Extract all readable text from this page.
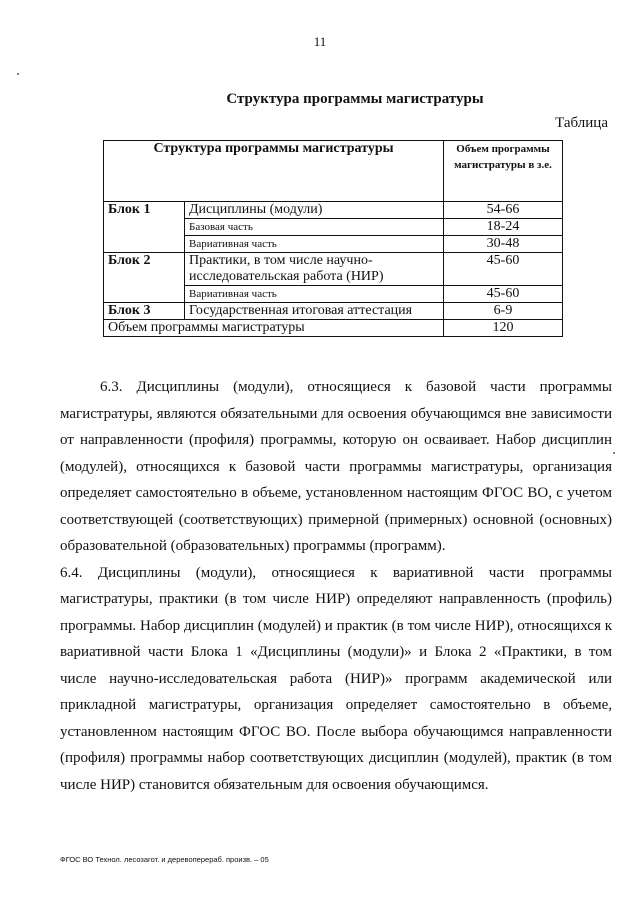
11
Структура программы магистратуры
Таблица
Структура программы магистратуры		Объем программы магистратуры в з.е.
Блок 1	Дисциплины (модули)	54-66
	Базовая часть	18-24
	Вариативная часть	30-48
Блок 2	Практики, в том числе научно-исследовательская работа (НИР)	45-60
	Вариативная часть	45-60
Блок 3	Государственная итоговая аттестация	6-9
Объем программы магистратуры		120

6.3. Дисциплины (модули), относящиеся к базовой части программы магистратуры, являются обязательными для освоения обучающимся вне зависимости от направленности (профиля) программы, которую он осваивает. Набор дисциплин (модулей), относящихся к базовой части программы магистратуры, организация определяет самостоятельно в объеме, установленном настоящим ФГОС ВО, с учетом соответствующей (соответствующих) примерной (примерных) основной (основных) образовательной (образовательных) программы (программ).

6.4. Дисциплины (модули), относящиеся к вариативной части программы магистратуры, практики (в том числе НИР) определяют направленность (профиль) программы. Набор дисциплин (модулей) и практик (в том числе НИР), относящихся к вариативной части Блока 1 «Дисциплины (модули)» и Блока 2 «Практики, в том числе научно-исследовательская работа (НИР)» программ академической или прикладной магистратуры, организация определяет самостоятельно в объеме, установленном настоящим ФГОС ВО. После выбора обучающимся направленности (профиля) программы набор соответствующих дисциплин (модулей), практик (в том числе НИР) становится обязательным для освоения обучающимся.

ФГОС ВО Технол. лесозагот. и деревоперераб. произв. – 05
